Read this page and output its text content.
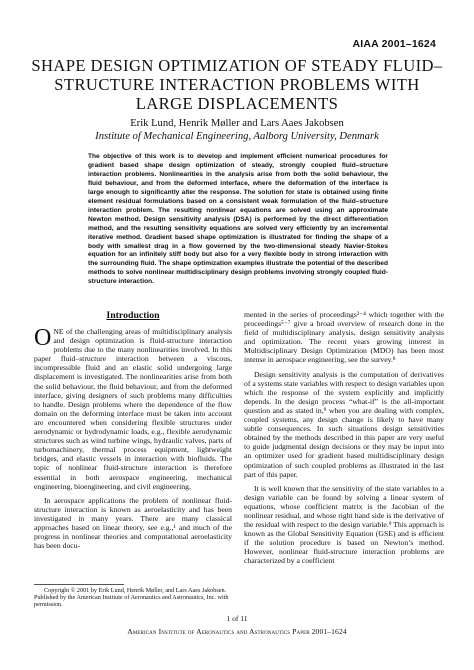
AIAA 2001–1624
SHAPE DESIGN OPTIMIZATION OF STEADY FLUID–STRUCTURE INTERACTION PROBLEMS WITH LARGE DISPLACEMENTS
Erik Lund, Henrik Møller and Lars Aaes Jakobsen
Institute of Mechanical Engineering, Aalborg University, Denmark
The objective of this work is to develop and implement efficient numerical procedures for gradient based shape design optimization of steady, strongly coupled fluid–structure interaction problems. Nonlinearities in the analysis arise from both the solid behaviour, the fluid behaviour, and from the deformed interface, where the deformation of the interface is large enough to significantly alter the response. The solution for state is obtained using finite element residual formulations based on a consistent weak formulation of the fluid–structure interaction problem. The resulting nonlinear equations are solved using an approximate Newton method. Design sensitivity analysis (DSA) is performed by the direct differentiation method, and the resulting sensitivity equations are solved very efficiently by an incremental iterative method. Gradient based shape optimization is illustrated for finding the shape of a body with smallest drag in a flow governed by the two-dimensional steady Navier-Stokes equation for an infinitely stiff body but also for a very flexible body in strong interaction with the surrounding fluid. The shape optimization examples illustrate the potential of the described methods to solve nonlinear multidisciplinary design problems involving strongly coupled fluid-structure interaction.
Introduction

ONE of the challenging areas of multidisciplinary analysis and design optimization is fluid-structure interaction problems due to the many nonlinearities involved. In this paper fluid–structure interaction between a viscous, incompressible fluid and an elastic solid undergoing large displacement is investigated. The nonlinearities arise from both the solid behaviour, the fluid behaviour, and from the deformed interface, giving designers of such problems many difficulties to handle. Design problems where the dependence of the flow domain on the deforming interface must be taken into account are encountered when considering flexible structures under aerodynamic or hydrodynamic loads, e.g., flexible aerodynamic structures such as wind turbine wings, hydraulic valves, parts of turbomachinery, thermal process equipment, lightweight bridges, and elastic vessels in interaction with biofluids. The topic of nonlinear fluid-structure interaction is therefore essential in both aerospace engineering, mechanical engineering, bioengineering, and civil engineering.

In aerospace applications the problem of nonlinear fluid-structure interaction is known as aeroelasticity and has been investigated in many years. There are many classical approaches based on linear theory, see e.g.,¹ and much of the progress in nonlinear theories and computational aeroelasticity has been docu-

mented in the series of proceedings²⁻⁴ which together with the proceedings⁵⁻⁷ give a broad overview of research done in the field of multidisciplinary analysis, design sensitivity analysis and optimization. The recent years growing interest in Multidisciplinary Design Optimization (MDO) has been most intense in aerospace engineering, see the survey.⁸

Design sensitivity analysis is the computation of derivatives of a systems state variables with respect to design variables upon which the response of the system explicitly and implicitly depends. In the design process “what-if” is the all-important question and as stated in,⁹ when you are dealing with complex, coupled systems, any design change is likely to have many subtle consequences. In such situations design sensitivities obtained by the methods described in this paper are very useful to guide judgmental design decisions or they may be input into an optimizer used for gradient based multidisciplinary design optimization of such coupled problems as illustrated in the last part of this paper.

It is well known that the sensitivity of the state variables to a design variable can be found by solving a linear system of equations, whose coefficient matrix is the Jacobian of the nonlinear residual, and whose right hand side is the derivative of the residual with respect to the design variable.⁹ This approach is known as the Global Sensitivity Equation (GSE) and is efficient if the solution procedure is based on Newton’s method. However, nonlinear fluid-structure interaction problems are characterized by a coefficient

Copyright © 2001 by Erik Lund, Henrik Møller, and Lars Aaes Jakobsen. Published by the American Institute of Aeronautics and Astronautics, Inc. with permission.
1 of 11
American Institute of Aeronautics and Astronautics Paper 2001–1624
